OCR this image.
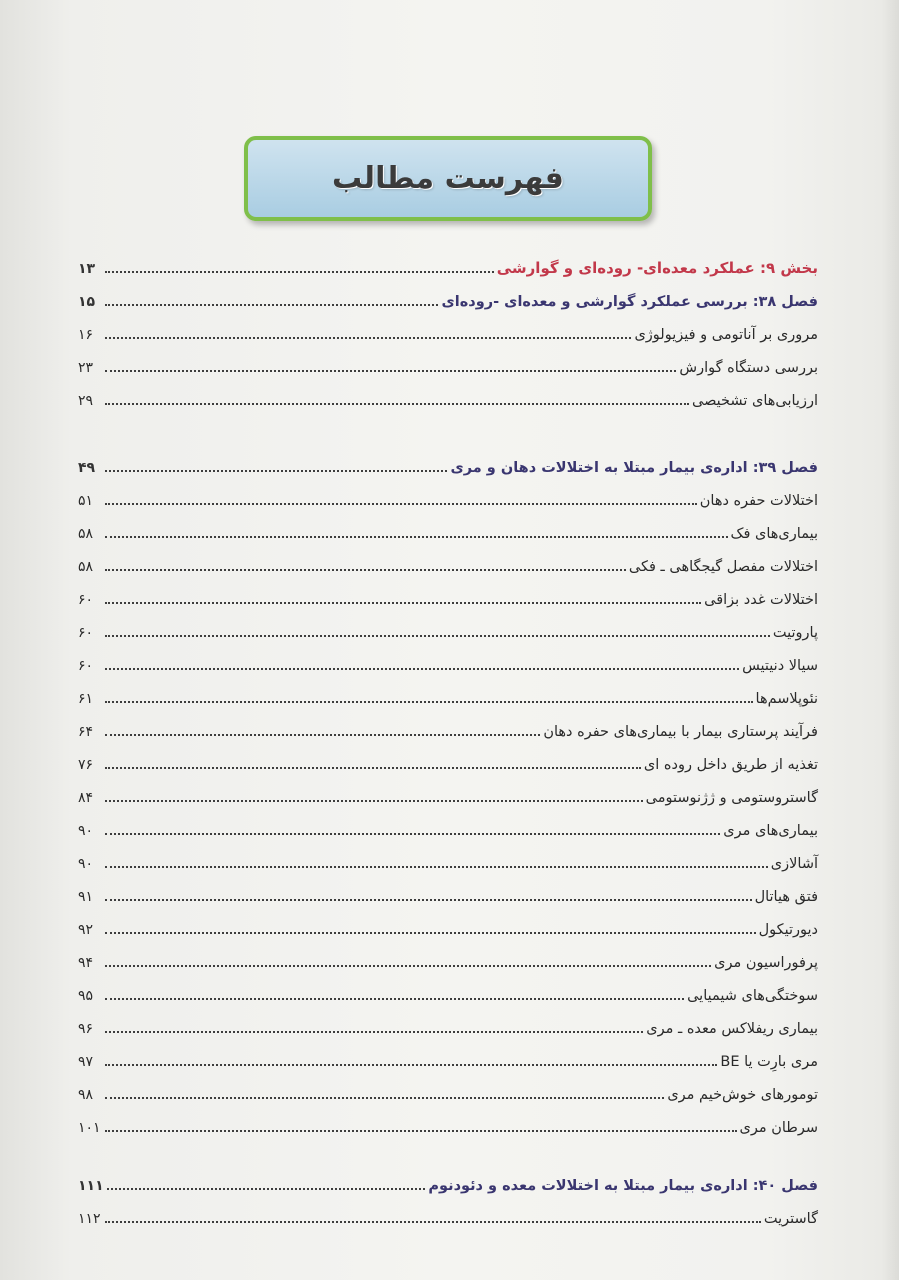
فهرست مطالب
بخش ۹: عملکرد معده‌ای- روده‌ای و گوارشی
۱۳
فصل ۳۸: بررسی عملکرد گوارشی و معده‌ای -روده‌ای
۱۵
مروری بر آناتومی و فیزیولوژی
۱۶
بررسی دستگاه گوارش
۲۳
ارزیابی‌های تشخیصی
۲۹
فصل ۳۹: اداره‌ی بیمار مبتلا به اختلالات دهان و مری
۴۹
اختلالات حفره دهان
۵۱
بیماری‌های فک
۵۸
اختلالات مفصل گیجگاهی ـ فکی
۵۸
اختلالات غدد بزاقی
۶۰
پاروتیت
۶۰
سیالا دنیتیس
۶۰
نئوپلاسم‌ها
۶۱
فرآیند پرستاری بیمار با بیماری‌های حفره دهان
۶۴
تغذیه از طریق داخل روده ای
۷۶
گاستروستومی و ژژنوستومی
۸۴
بیماری‌های مری
۹۰
آشالازی
۹۰
فتق هیاتال
۹۱
دیورتیکول
۹۲
پرفوراسیون مری
۹۴
سوختگی‌های شیمیایی
۹۵
بیماری ریفلاکس معده ـ مری
۹۶
مری بارِت یا BE
۹۷
تومورهای خوش‌خیم مری
۹۸
سرطان مری
۱۰۱
فصل ۴۰: اداره‌ی بیمار مبتلا به اختلالات معده و دئودنوم
۱۱۱
گاستریت
۱۱۲
